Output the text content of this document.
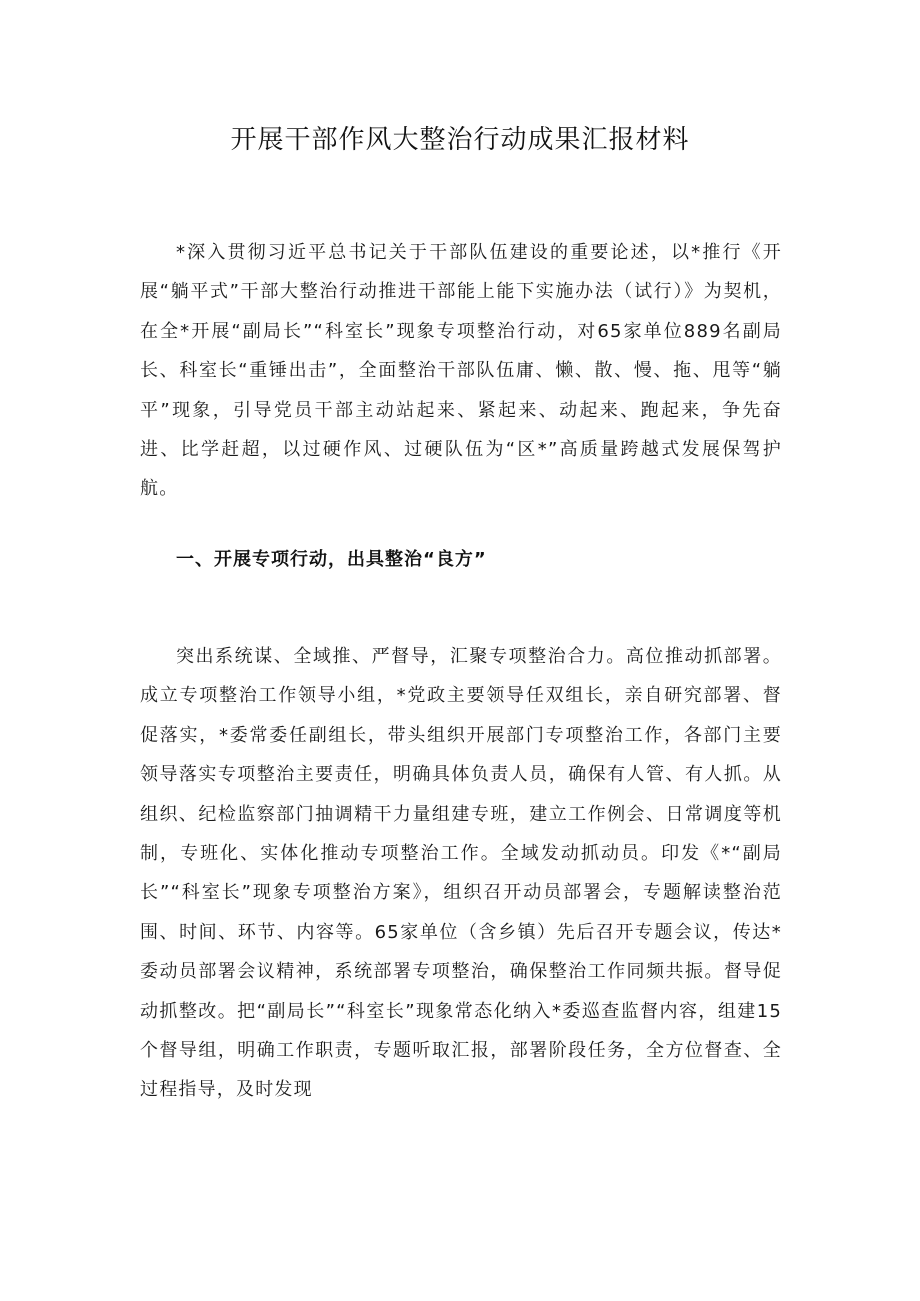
开展干部作风大整治行动成果汇报材料

*深入贯彻习近平总书记关于干部队伍建设的重要论述，以*推行《开展“躺平式”干部大整治行动推进干部能上能下实施办法（试行）》为契机，在全*开展“副局长”“科室长”现象专项整治行动，对65家单位889名副局长、科室长“重锤出击”，全面整治干部队伍庸、懒、散、慢、拖、甩等“躺平”现象，引导党员干部主动站起来、紧起来、动起来、跑起来，争先奋进、比学赶超，以过硬作风、过硬队伍为“区*”高质量跨越式发展保驾护航。

一、开展专项行动，出具整治“良方”

突出系统谋、全域推、严督导，汇聚专项整治合力。高位推动抓部署。成立专项整治工作领导小组，*党政主要领导任双组长，亲自研究部署、督促落实，*委常委任副组长，带头组织开展部门专项整治工作，各部门主要领导落实专项整治主要责任，明确具体负责人员，确保有人管、有人抓。从组织、纪检监察部门抽调精干力量组建专班，建立工作例会、日常调度等机制，专班化、实体化推动专项整治工作。全域发动抓动员。印发《*“副局长”“科室长”现象专项整治方案》，组织召开动员部署会，专题解读整治范围、时间、环节、内容等。65家单位（含乡镇）先后召开专题会议，传达*委动员部署会议精神，系统部署专项整治，确保整治工作同频共振。督导促动抓整改。把“副局长”“科室长”现象常态化纳入*委巡查监督内容，组建15个督导组，明确工作职责，专题听取汇报，部署阶段任务，全方位督查、全过程指导，及时发现
